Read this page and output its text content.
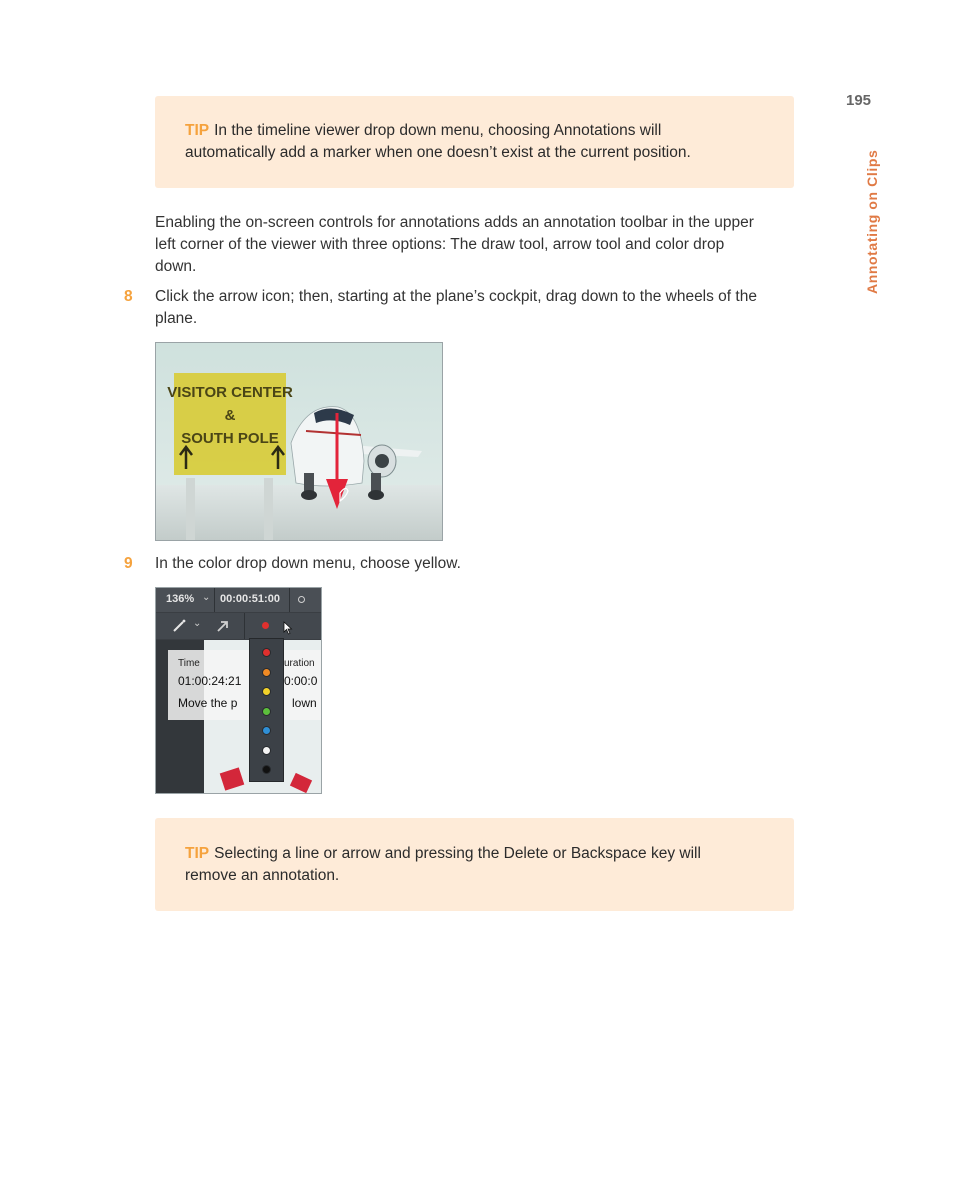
195
Annotating on Clips
TIP In the timeline viewer drop down menu, choosing Annotations will automatically add a marker when one doesn’t exist at the current position.
Enabling the on-screen controls for annotations adds an annotation toolbar in the upper left corner of the viewer with three options: The draw tool, arrow tool and color drop down.
8 Click the arrow icon; then, starting at the plane’s cockpit, drag down to the wheels of the plane.
VISITOR CENTER
&
SOUTH POLE
9 In the color drop down menu, choose yellow.
136% ⌄ 00:00:51:00
⌄
Time	uration
01:00:24:21	0:00:0
Move the p	lown
TIP Selecting a line or arrow and pressing the Delete or Backspace key will remove an annotation.
